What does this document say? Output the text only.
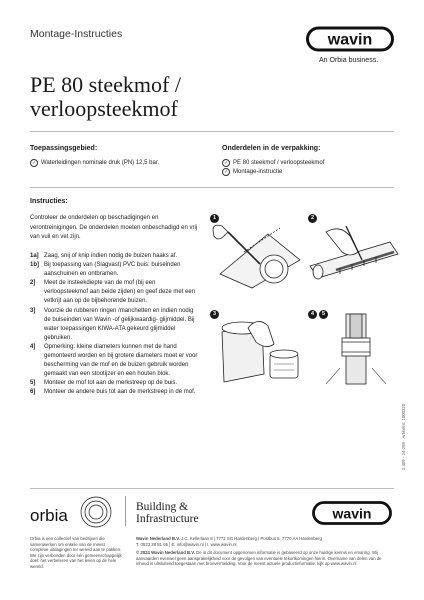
Montage-Instructies	wavin
An Orbia business.
PE 80 steekmof /
verloopsteekmof
Toepassingsgebied:
✓ Waterleidingen nominale druk (PN) 12,5 bar.
Onderdelen in de verpakking:
✓ PE 80 steekmof / verloopsteekmof
✓ Montage-instructie
Instructies:
Controleer de onderdelen op beschadigingen en verontreinigingen. De onderdelen moeten onbeschadigd en vrij van vuil en vet zijn.
1a] Zaag, snij of knip indien nodig de buizen haaks af.
1b] Bij toepassing van (Slagvast) PVC buis: buiseinden aanschuinen en ontbramen.
2]	Meet de insteekdiepte van de mof (bij een verloopsteekmof aan beide zijden) en geef deze met een vetkrijt aan op de bijbehorende buizen.
3]	Voorzie de rubberen ringen /manchetten en indien nodig de buiseinden van Wavin -of gelijkwaardig- glijmiddel. Bij water toepassingen KIWA-ATA gekeurd glijmiddel gebruiken.
4]	Opmerking: kleine diameters kunnen met de hand gemonteerd worden en bij grotere diameters moet er voor bescherming van de mof en de buizen gebruik worden gemaakt van een stootijzer en een houten blok.
5]	Monteer de mof tot aan de merkstreep op de buis.
6]	Monteer de andere buis tot aan de merkstreep in de mof.
1	2
3	4	5
orbia	Building &
Infrastructure	wavin
Orbia is een collectief van bedrijven die samenwerken om enkele van de meest complexe uitdagingen ter wereld aan te pakken. We zijn verbonden door één gemeenschappelijk doel: het verbeteren van het leven op de hele wereld.
Wavin Nederland B.V. J.C. Kellerlaan 8 | 7772 SG Hardenberg | Postbus 5, 7770 AA Hardenberg
T. 0523 28 81 65 | E. info@wavin.nl | I. www.wavin.nl
© 2024 Wavin Nederland B.V. De in dit document opgenomen informatie is gebaseerd op onze huidige kennis en ervaring. Wij aanvaarden evenwel geen aansprakelijkheid voor de gevolgen van eventuele tekortkomingen hierin. Overname van delen van de inhoud is uitsluitend toegestaan met bronvermelding. Voor de meest actuele productinformatie, kijk op www.wavin.nl
2.409 - 24-289 · Artikelnr. 1000320
